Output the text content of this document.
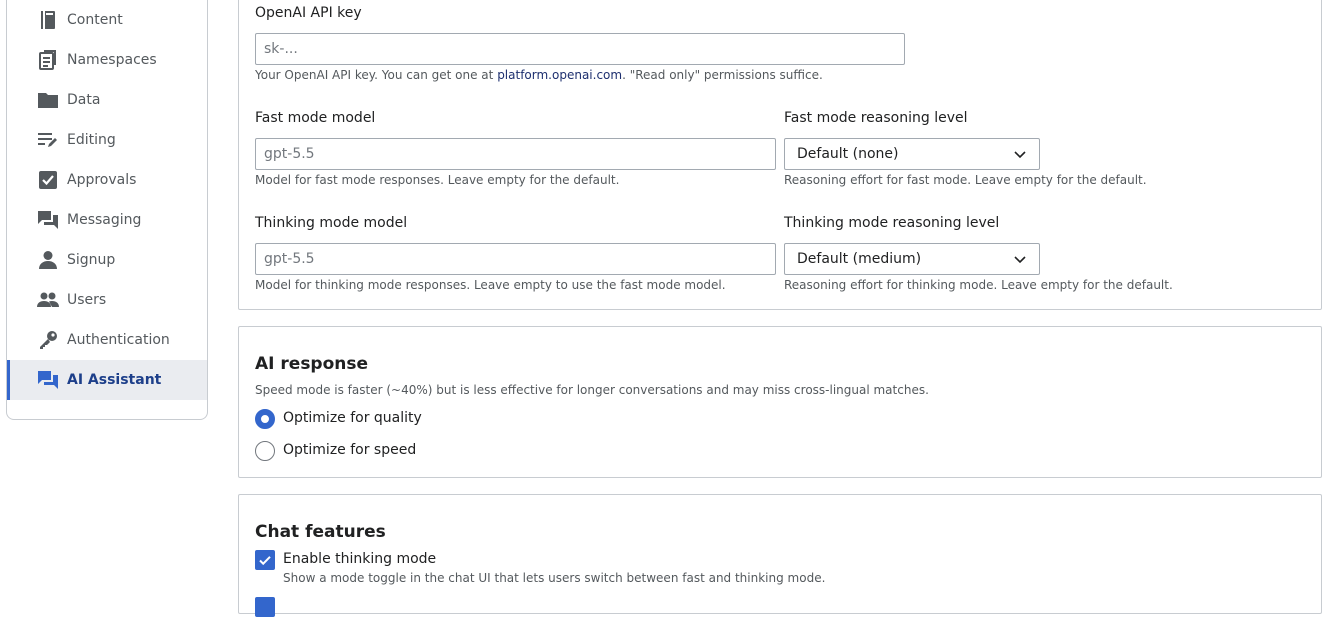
Content
Namespaces
Data
Editing
Approvals
Messaging
Signup
Users
Authentication
AI Assistant
OpenAI API key
sk-...
Your OpenAI API key. You can get one at platform.openai.com. "Read only" permissions suffice.
Fast mode model
gpt-5.5
Model for fast mode responses. Leave empty for the default.
Fast mode reasoning level
Default (none)
Reasoning effort for fast mode. Leave empty for the default.
Thinking mode model
gpt-5.5
Model for thinking mode responses. Leave empty to use the fast mode model.
Thinking mode reasoning level
Default (medium)
Reasoning effort for thinking mode. Leave empty for the default.
AI response
Speed mode is faster (~40%) but is less effective for longer conversations and may miss cross-lingual matches.
Optimize for quality
Optimize for speed
Chat features
Enable thinking mode
Show a mode toggle in the chat UI that lets users switch between fast and thinking mode.
